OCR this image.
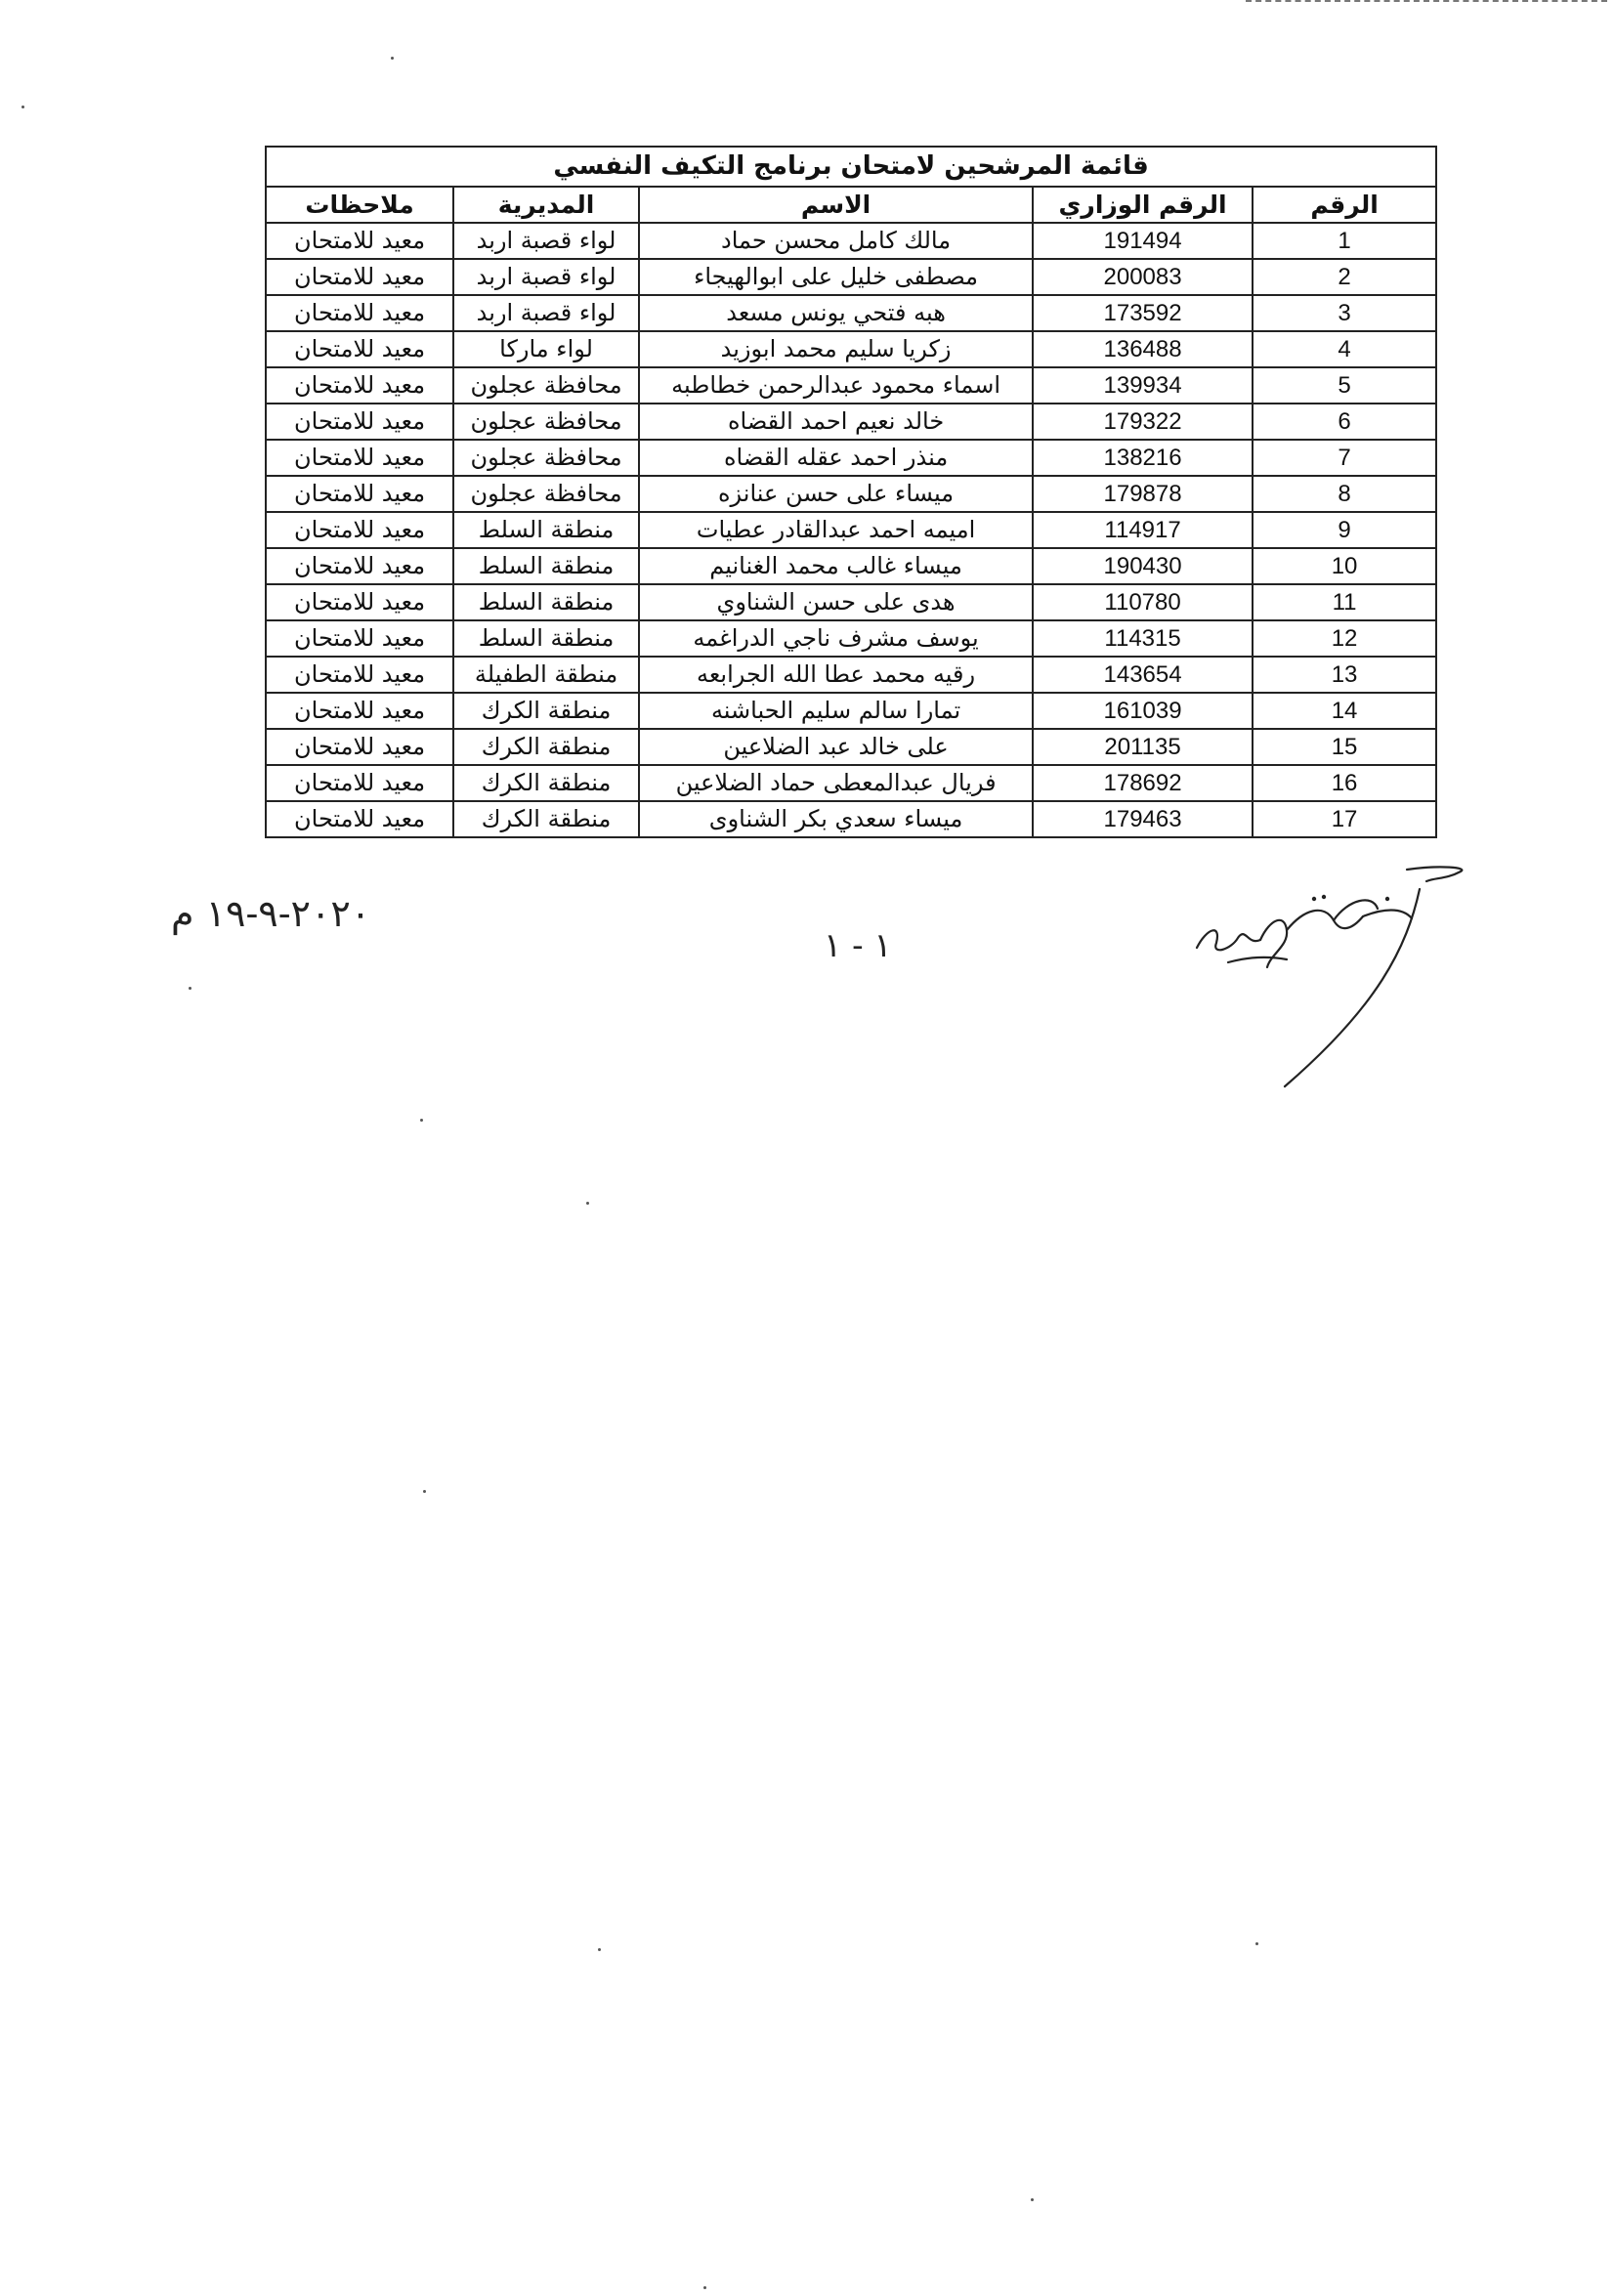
قائمة المرشحين لامتحان برنامج التكيف النفسي				
الرقم	الرقم الوزاري	الاسم	المديرية	ملاحظات
1	191494	مالك كامل محسن حماد	لواء قصبة اربد	معيد للامتحان
2	200083	مصطفى خليل على ابوالهيجاء	لواء قصبة اربد	معيد للامتحان
3	173592	هبه فتحي يونس مسعد	لواء قصبة اربد	معيد للامتحان
4	136488	زكريا سليم محمد ابوزيد	لواء ماركا	معيد للامتحان
5	139934	اسماء محمود عبدالرحمن خطاطبه	محافظة عجلون	معيد للامتحان
6	179322	خالد نعيم احمد القضاه	محافظة عجلون	معيد للامتحان
7	138216	منذر احمد عقله القضاه	محافظة عجلون	معيد للامتحان
8	179878	ميساء على حسن عنانزه	محافظة عجلون	معيد للامتحان
9	114917	اميمه احمد عبدالقادر عطيات	منطقة السلط	معيد للامتحان
10	190430	ميساء غالب محمد الغنانيم	منطقة السلط	معيد للامتحان
11	110780	هدى على حسن الشناوي	منطقة السلط	معيد للامتحان
12	114315	يوسف مشرف ناجي الدراغمه	منطقة السلط	معيد للامتحان
13	143654	رقيه محمد عطا الله الجرابعه	منطقة الطفيلة	معيد للامتحان
14	161039	تمارا سالم سليم الحباشنه	منطقة الكرك	معيد للامتحان
15	201135	على خالد عبد الضلاعين	منطقة الكرك	معيد للامتحان
16	178692	فريال عبدالمعطى حماد الضلاعين	منطقة الكرك	معيد للامتحان
17	179463	ميساء سعدي بكر الشناوى	منطقة الكرك	معيد للامتحان
٢٠٢٠-٩-١٩ م
١ - ١
